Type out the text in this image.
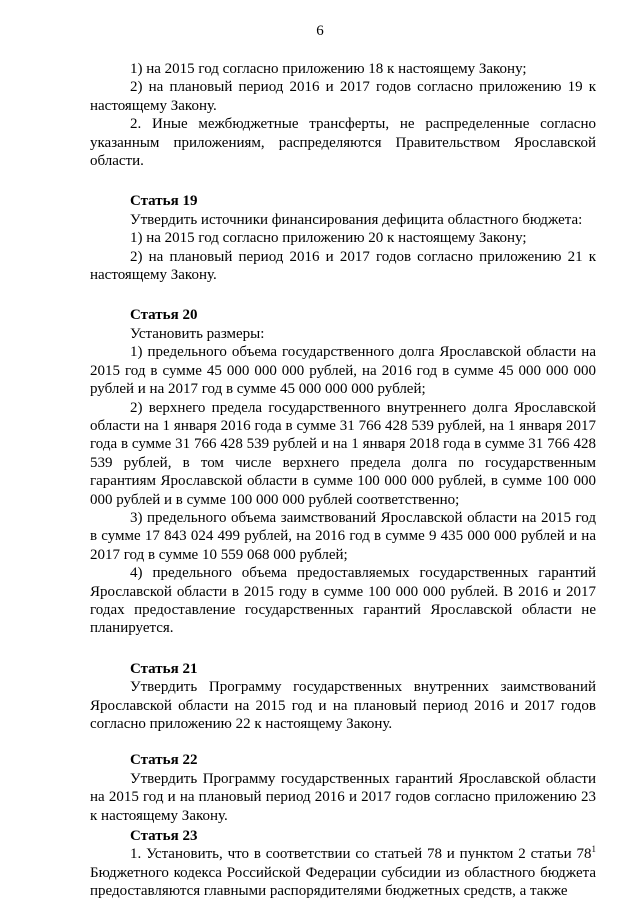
6

1) на 2015 год согласно приложению 18 к настоящему Закону;

2) на плановый период 2016 и 2017 годов согласно приложению 19 к настоящему Закону.

2. Иные межбюджетные трансферты, не распределенные согласно указанным приложениям, распределяются Правительством Ярославской области.

Статья 19

Утвердить источники финансирования дефицита областного бюджета:

1) на 2015 год согласно приложению 20 к настоящему Закону;

2) на плановый период 2016 и 2017 годов согласно приложению 21 к настоящему Закону.

Статья 20

Установить размеры:

1) предельного объема государственного долга Ярославской области на 2015 год в сумме 45 000 000 000 рублей, на 2016 год в сумме 45 000 000 000 рублей и на 2017 год в сумме 45 000 000 000 рублей;

2) верхнего предела государственного внутреннего долга Ярославской области на 1 января 2016 года в сумме 31 766 428 539 рублей, на 1 января 2017 года в сумме 31 766 428 539 рублей и на 1 января 2018 года в сумме 31 766 428 539 рублей, в том числе верхнего предела долга по государственным гарантиям Ярославской области в сумме 100 000 000 рублей, в сумме 100 000 000 рублей и в сумме 100 000 000 рублей соответственно;

3) предельного объема заимствований Ярославской области на 2015 год в сумме 17 843 024 499 рублей, на 2016 год в сумме 9 435 000 000 рублей и на 2017 год в сумме 10 559 068 000 рублей;

4) предельного объема предоставляемых государственных гарантий Ярославской области в 2015 году в сумме 100 000 000 рублей. В 2016 и 2017 годах предоставление государственных гарантий Ярославской области не планируется.

Статья 21

Утвердить Программу государственных внутренних заимствований Ярославской области на 2015 год и на плановый период 2016 и 2017 годов согласно приложению 22 к настоящему Закону.

Статья 22

Утвердить Программу государственных гарантий Ярославской области на 2015 год и на плановый период 2016 и 2017 годов согласно приложению 23 к настоящему Закону.

Статья 23

1. Установить, что в соответствии со статьей 78 и пунктом 2 статьи $78^1$ Бюджетного кодекса Российской Федерации субсидии из областного бюджета предоставляются главными распорядителями бюджетных средств, а также
